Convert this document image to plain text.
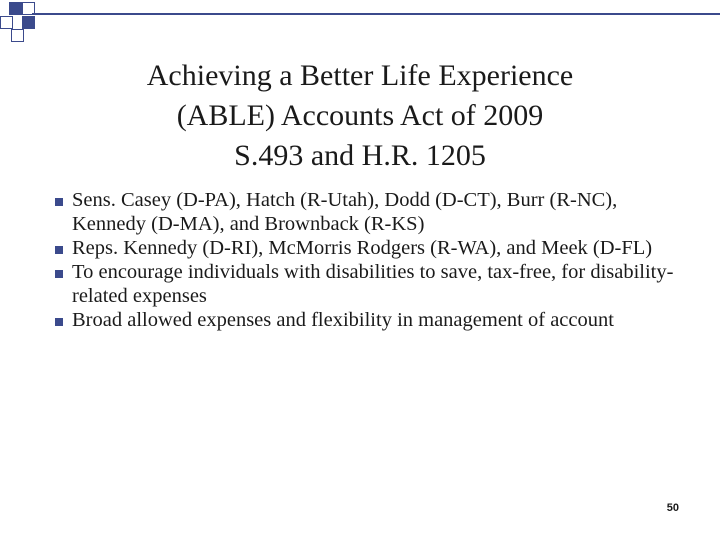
Achieving a Better Life Experience
(ABLE) Accounts Act of 2009
S.493 and H.R. 1205
Sens. Casey (D-PA), Hatch (R-Utah), Dodd (D-CT), Burr (R-NC), Kennedy (D-MA), and Brownback (R-KS)
Reps. Kennedy (D-RI), McMorris Rodgers (R-WA), and Meek (D-FL)
To encourage individuals with disabilities to save, tax-free, for disability-related expenses
Broad allowed expenses and flexibility in management of account
50
